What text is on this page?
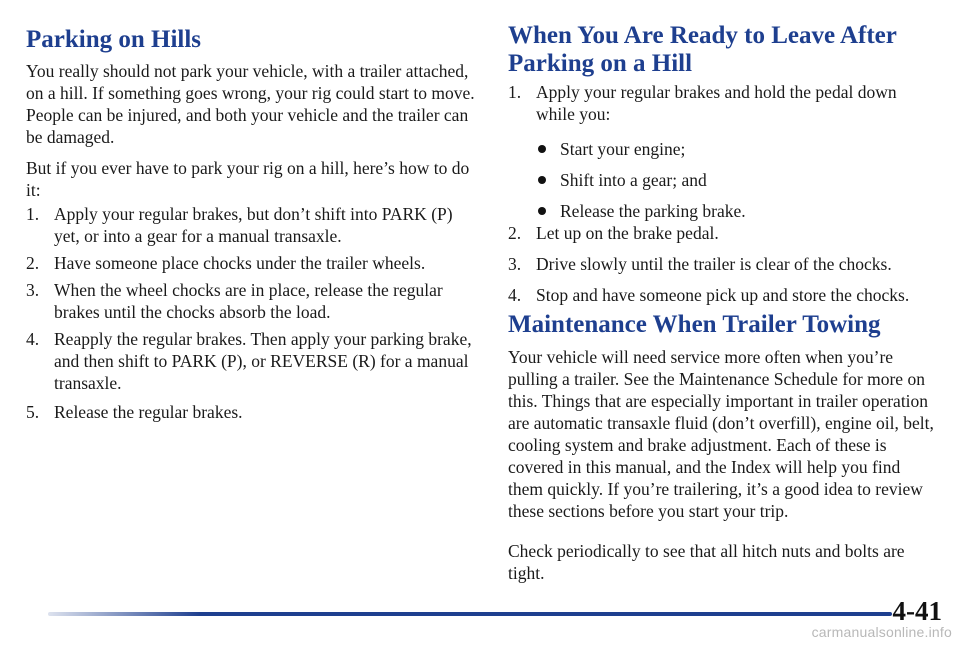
Parking on Hills

You really should not park your vehicle, with a trailer attached, on a hill. If something goes wrong, your rig could start to move. People can be injured, and both your vehicle and the trailer can be damaged.

But if you ever have to park your rig on a hill, here’s how to do it:

1. Apply your regular brakes, but don’t shift into PARK (P) yet, or into a gear for a manual transaxle.
2. Have someone place chocks under the trailer wheels.
3. When the wheel chocks are in place, release the regular brakes until the chocks absorb the load.
4. Reapply the regular brakes. Then apply your parking brake, and then shift to PARK (P), or REVERSE (R) for a manual transaxle.
5. Release the regular brakes.
When You Are Ready to Leave After Parking on a Hill
1. Apply your regular brakes and hold the pedal down while you:
Start your engine;
Shift into a gear; and
Release the parking brake.
2. Let up on the brake pedal.
3. Drive slowly until the trailer is clear of the chocks.
4. Stop and have someone pick up and store the chocks.
Maintenance When Trailer Towing

Your vehicle will need service more often when you’re pulling a trailer. See the Maintenance Schedule for more on this. Things that are especially important in trailer operation are automatic transaxle fluid (don’t overfill), engine oil, belt, cooling system and brake adjustment. Each of these is covered in this manual, and the Index will help you find them quickly. If you’re trailering, it’s a good idea to review these sections before you start your trip.

Check periodically to see that all hitch nuts and bolts are tight.

4-41
carmanualsonline.info
